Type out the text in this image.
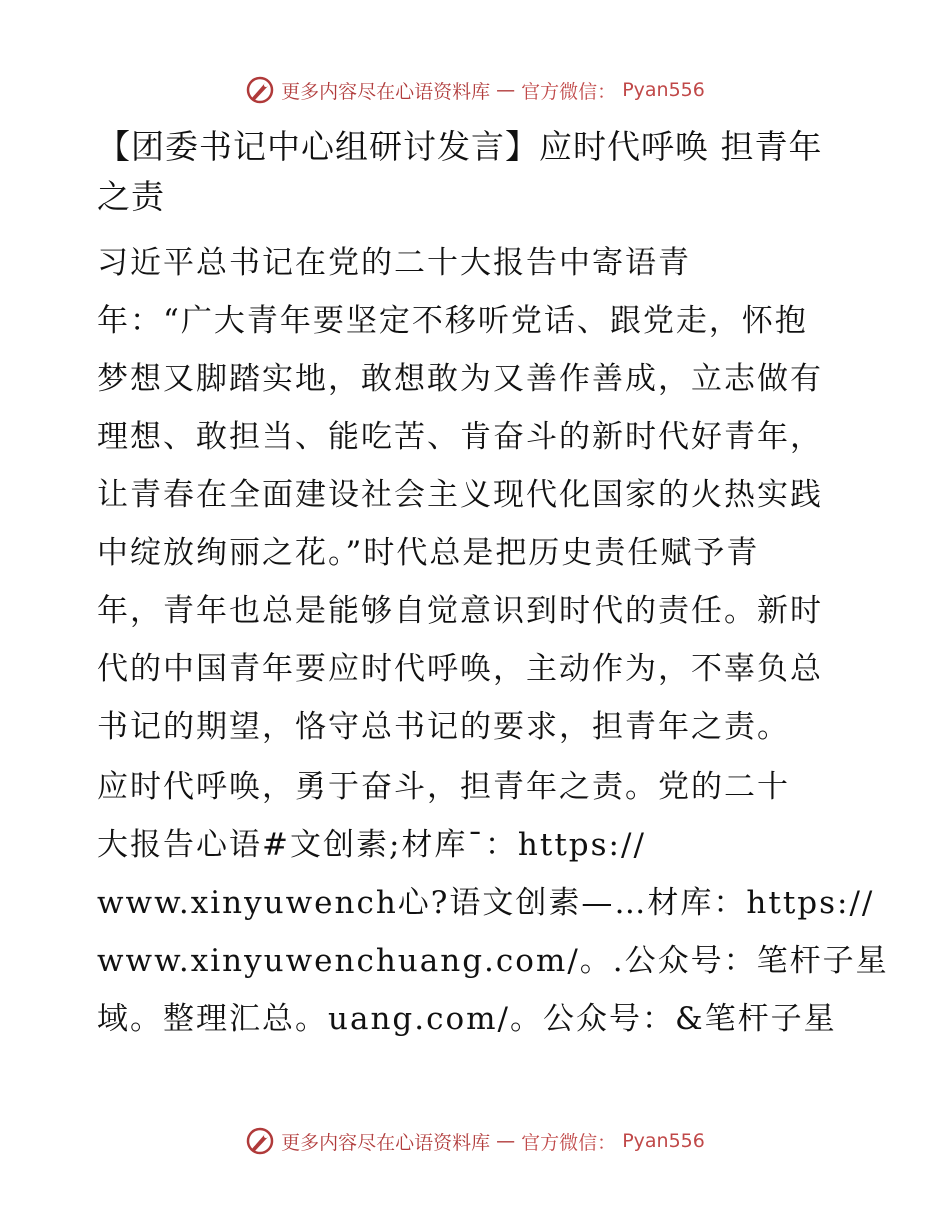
更多内容尽在心语资料库 — 官方微信： Pyan556
【团委书记中心组研讨发言】应时代呼唤 担青年
之责

习近平总书记在党的二十大报告中寄语青
年：“广大青年要坚定不移听党话、跟党走，怀抱
梦想又脚踏实地，敢想敢为又善作善成，立志做有
理想、敢担当、能吃苦、肯奋斗的新时代好青年，
让青春在全面建设社会主义现代化国家的火热实践
中绽放绚丽之花。”时代总是把历史责任赋予青
年，青年也总是能够自觉意识到时代的责任。新时
代的中国青年要应时代呼唤，主动作为，不辜负总
书记的期望，恪守总书记的要求，担青年之责。

应时代呼唤，勇于奋斗，担青年之责。党的二十
大报告心语#文创素;材库¯：https://
www.xinyuwench心?语文创素—…材库：https://
www.xinyuwenchuang.com/。.公众号：笔杆子星
域。整理汇总。uang.com/。公众号：&笔杆子星

更多内容尽在心语资料库 — 官方微信： Pyan556
